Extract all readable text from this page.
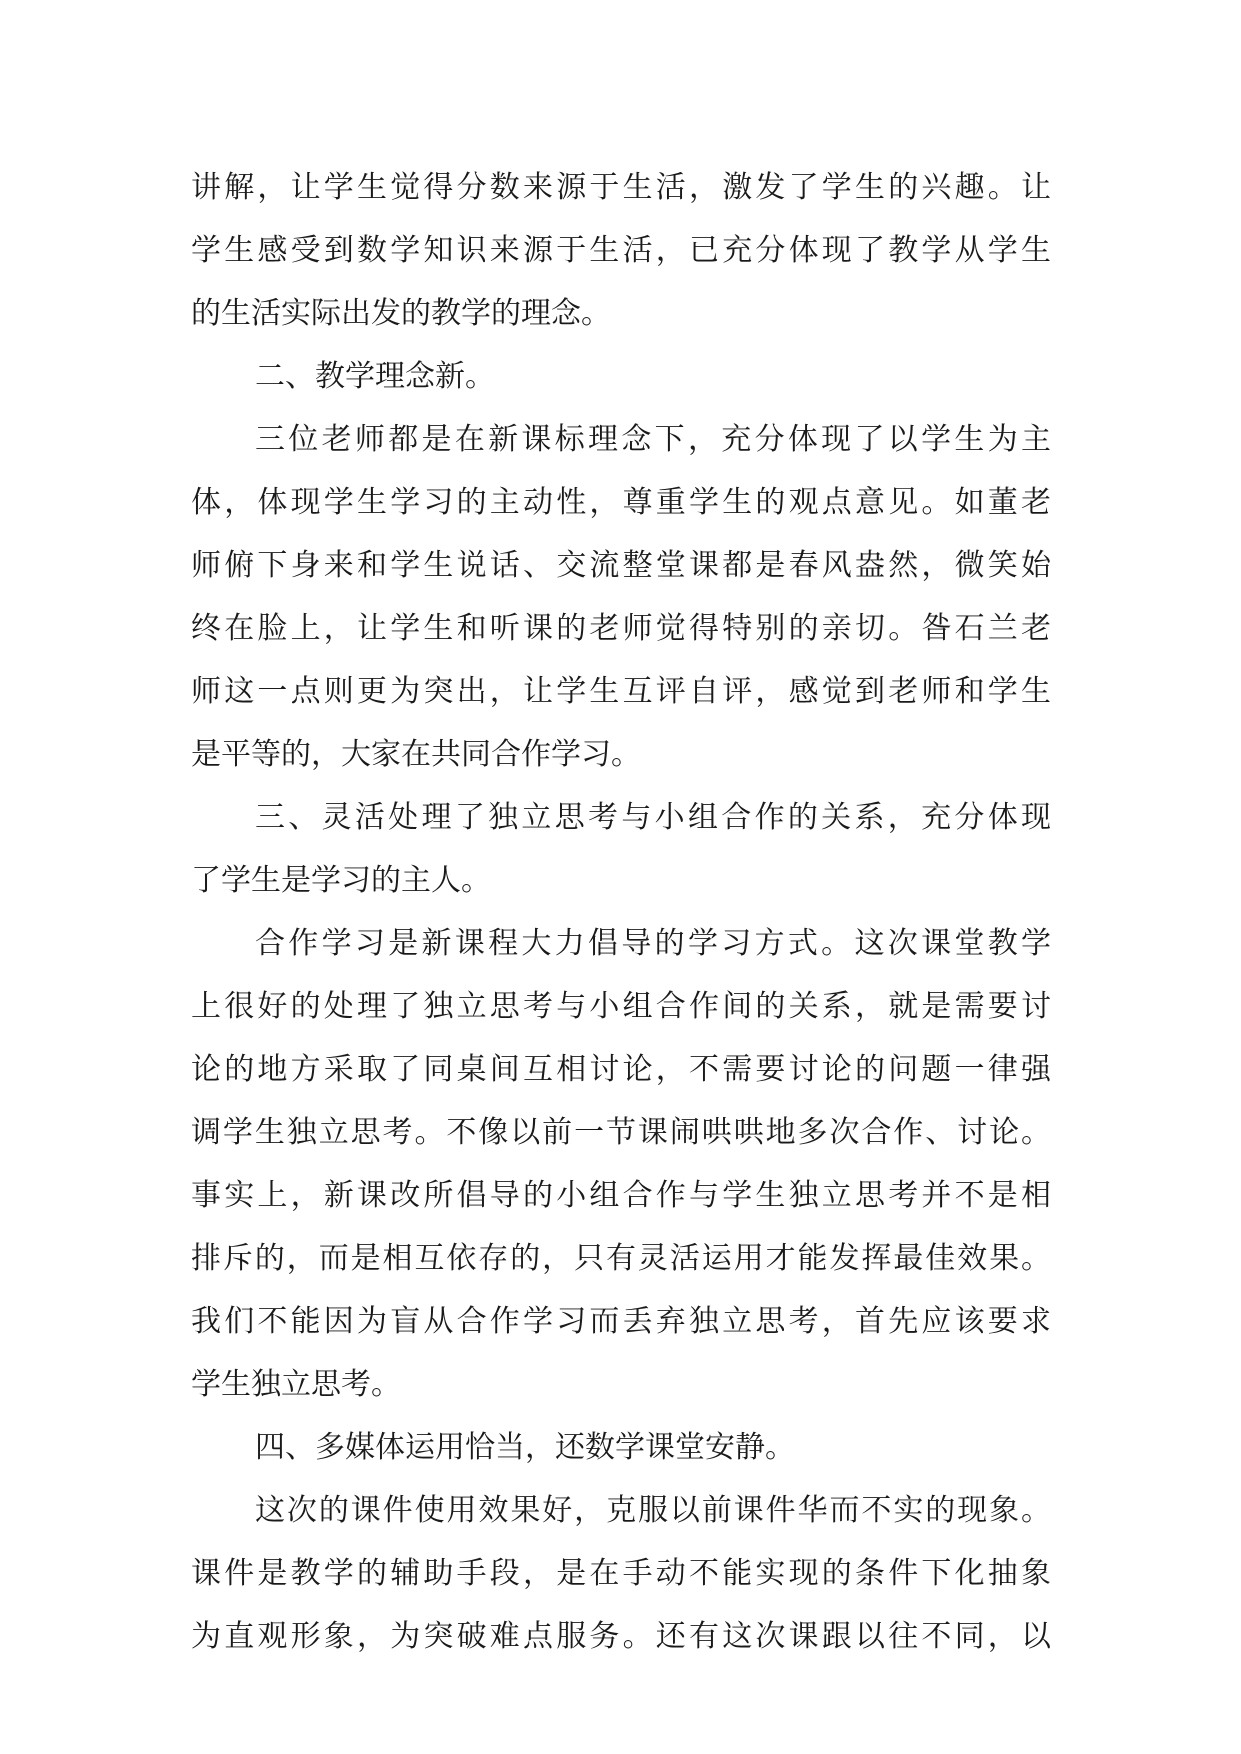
讲解，让学生觉得分数来源于生活，激发了学生的兴趣。让
学生感受到数学知识来源于生活，已充分体现了教学从学生
的生活实际出发的教学的理念。
二、教学理念新。
三位老师都是在新课标理念下，充分体现了以学生为主
体，体现学生学习的主动性，尊重学生的观点意见。如董老
师俯下身来和学生说话、交流整堂课都是春风盎然，微笑始
终在脸上，让学生和听课的老师觉得特别的亲切。昝石兰老
师这一点则更为突出，让学生互评自评，感觉到老师和学生
是平等的，大家在共同合作学习。
三、灵活处理了独立思考与小组合作的关系，充分体现
了学生是学习的主人。
合作学习是新课程大力倡导的学习方式。这次课堂教学
上很好的处理了独立思考与小组合作间的关系，就是需要讨
论的地方采取了同桌间互相讨论，不需要讨论的问题一律强
调学生独立思考。不像以前一节课闹哄哄地多次合作、讨论。
事实上，新课改所倡导的小组合作与学生独立思考并不是相
排斥的，而是相互依存的，只有灵活运用才能发挥最佳效果。
我们不能因为盲从合作学习而丢弃独立思考，首先应该要求
学生独立思考。
四、多媒体运用恰当，还数学课堂安静。
这次的课件使用效果好，克服以前课件华而不实的现象。
课件是教学的辅助手段，是在手动不能实现的条件下化抽象
为直观形象，为突破难点服务。还有这次课跟以往不同，以
